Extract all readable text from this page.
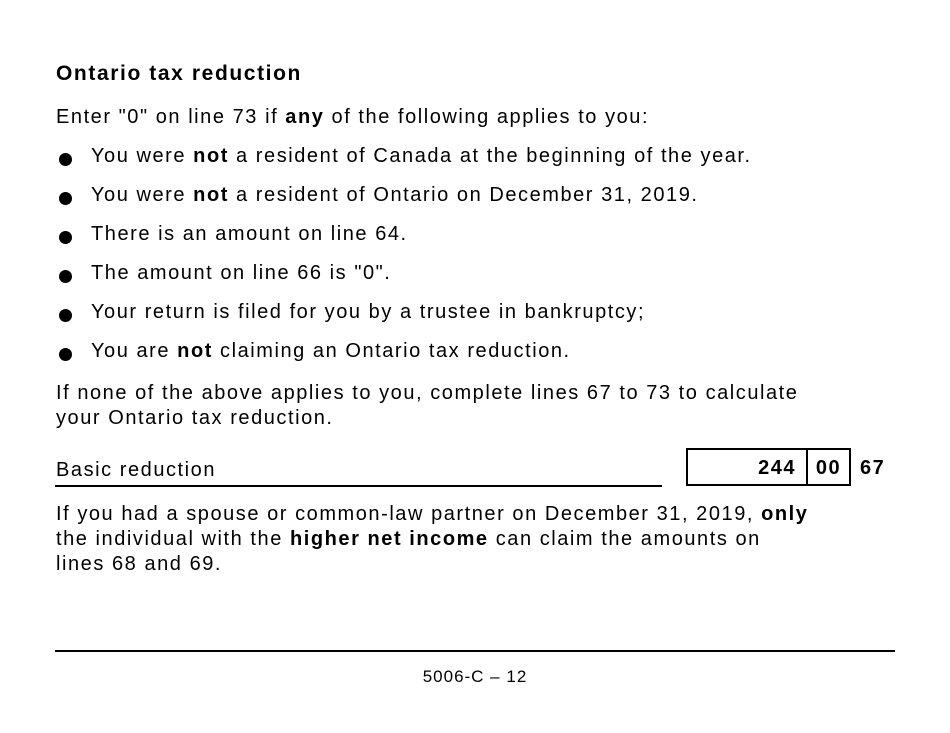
Ontario tax reduction

Enter "0" on line 73 if any of the following applies to you:

You were not a resident of Canada at the beginning of the year.
You were not a resident of Ontario on December 31, 2019.
There is an amount on line 64.
The amount on line 66 is "0".
Your return is filed for you by a trustee in bankruptcy;
You are not claiming an Ontario tax reduction.

If none of the above applies to you, complete lines 67 to 73 to calculate
your Ontario tax reduction.

Basic reduction	244 00 67

If you had a spouse or common-law partner on December 31, 2019, only
the individual with the higher net income can claim the amounts on
lines 68 and 69.

5006-C – 12
